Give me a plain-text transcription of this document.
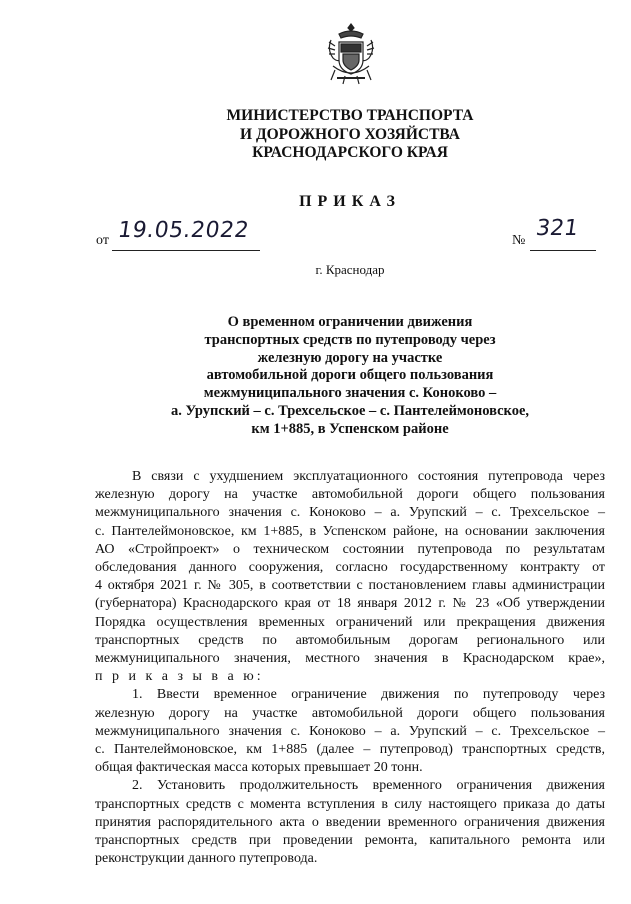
МИНИСТЕРСТВО ТРАНСПОРТА
И ДОРОЖНОГО ХОЗЯЙСТВА
КРАСНОДАРСКОГО КРАЯ
ПРИКАЗ
от 19.05.2022	№ 321
г. Краснодар
О временном ограничении движения
транспортных средств по путепроводу через
железную дорогу на участке
автомобильной дороги общего пользования
межмуниципального значения с. Коноково –
а. Урупский – с. Трехсельское – с. Пантелеймоновское,
км 1+885, в Успенском районе
В связи с ухудшением эксплуатационного состояния путепровода через
железную дорогу на участке автомобильной дороги общего пользования
межмуниципального значения с. Коноково – а. Урупский – с. Трехсельское –
с. Пантелеймоновское, км 1+885, в Успенском районе, на основании заключения
АО «Стройпроект» о техническом состоянии путепровода по результатам
обследования данного сооружения, согласно государственному контракту от
4 октября 2021 г. № 305, в соответствии с постановлением главы администрации
(губернатора) Краснодарского края от 18 января 2012 г. № 23 «Об утверждении
Порядка осуществления временных ограничений или прекращения движения
транспортных средств по автомобильным дорогам регионального или
межмуниципального значения, местного значения в Краснодарском крае»,
п р и к а з ы в а ю:
1. Ввести временное ограничение движения по путепроводу через
железную дорогу на участке автомобильной дороги общего пользования
межмуниципального значения с. Коноково – а. Урупский – с. Трехсельское –
с. Пантелеймоновское, км 1+885 (далее – путепровод) транспортных средств,
общая фактическая масса которых превышает 20 тонн.
2. Установить продолжительность временного ограничения движения
транспортных средств с момента вступления в силу настоящего приказа до даты
принятия распорядительного акта о введении временного ограничения движения
транспортных средств при проведении ремонта, капитального ремонта или
реконструкции данного путепровода.
